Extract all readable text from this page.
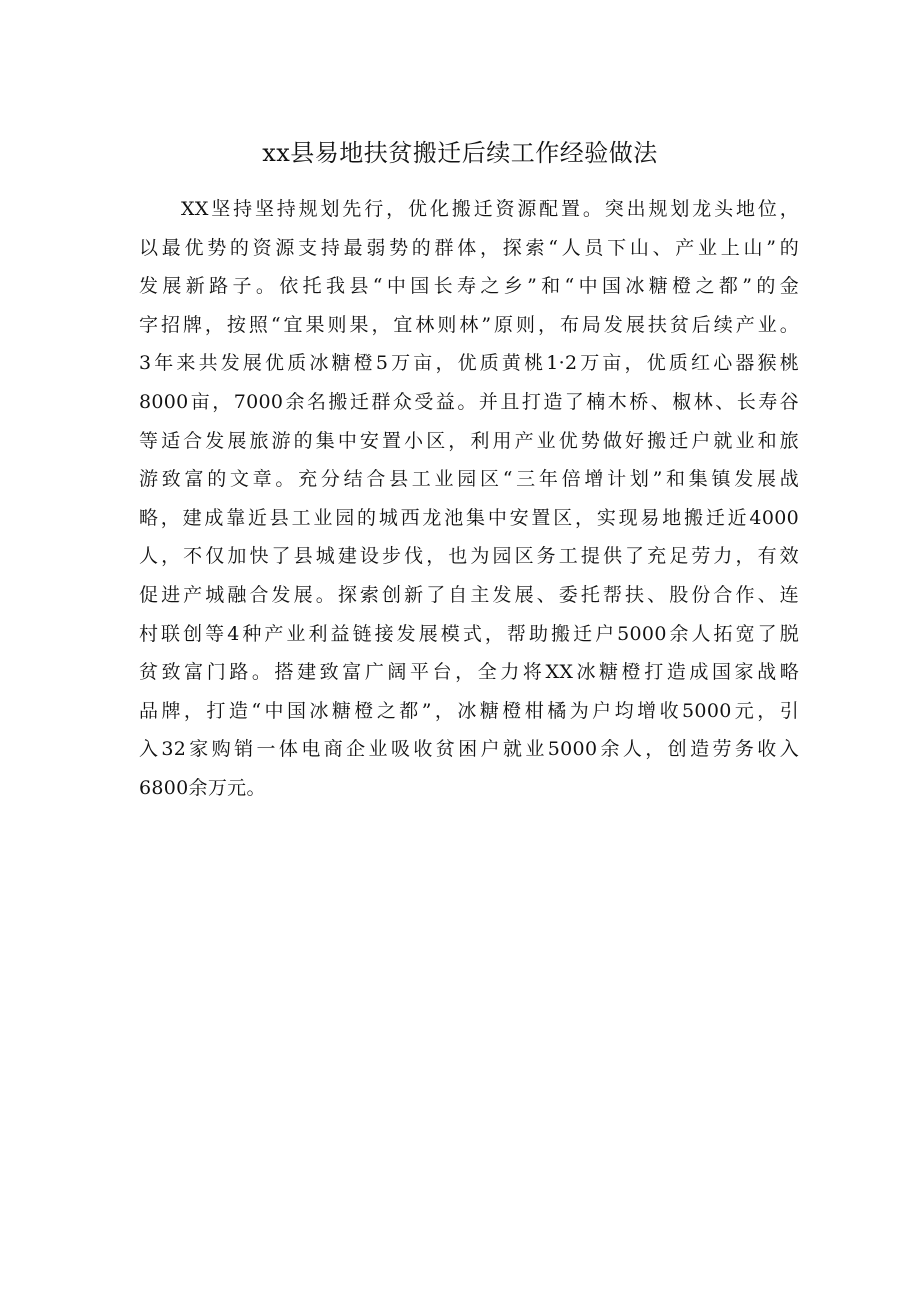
xx县易地扶贫搬迁后续工作经验做法
XX坚持坚持规划先行，优化搬迁资源配置。突出规划龙头地位，
以最优势的资源支持最弱势的群体，探索“人员下山、产业上山”的
发展新路子。依托我县“中国长寿之乡”和“中国冰糖橙之都”的金
字招牌，按照“宜果则果，宜林则林”原则，布局发展扶贫后续产业。
3年来共发展优质冰糖橙5万亩，优质黄桃1·2万亩，优质红心器猴桃
8000亩，7000余名搬迁群众受益。并且打造了楠木桥、椒林、长寿谷
等适合发展旅游的集中安置小区，利用产业优势做好搬迁户就业和旅
游致富的文章。充分结合县工业园区“三年倍增计划”和集镇发展战
略，建成靠近县工业园的城西龙池集中安置区，实现易地搬迁近4000
人，不仅加快了县城建设步伐，也为园区务工提供了充足劳力，有效
促进产城融合发展。探索创新了自主发展、委托帮扶、股份合作、连
村联创等4种产业利益链接发展模式，帮助搬迁户5000余人拓宽了脱
贫致富门路。搭建致富广阔平台，全力将XX冰糖橙打造成国家战略
品牌，打造“中国冰糖橙之都”，冰糖橙柑橘为户均增收5000元，引
入32家购销一体电商企业吸收贫困户就业5000余人，创造劳务收入
6800余万元。
